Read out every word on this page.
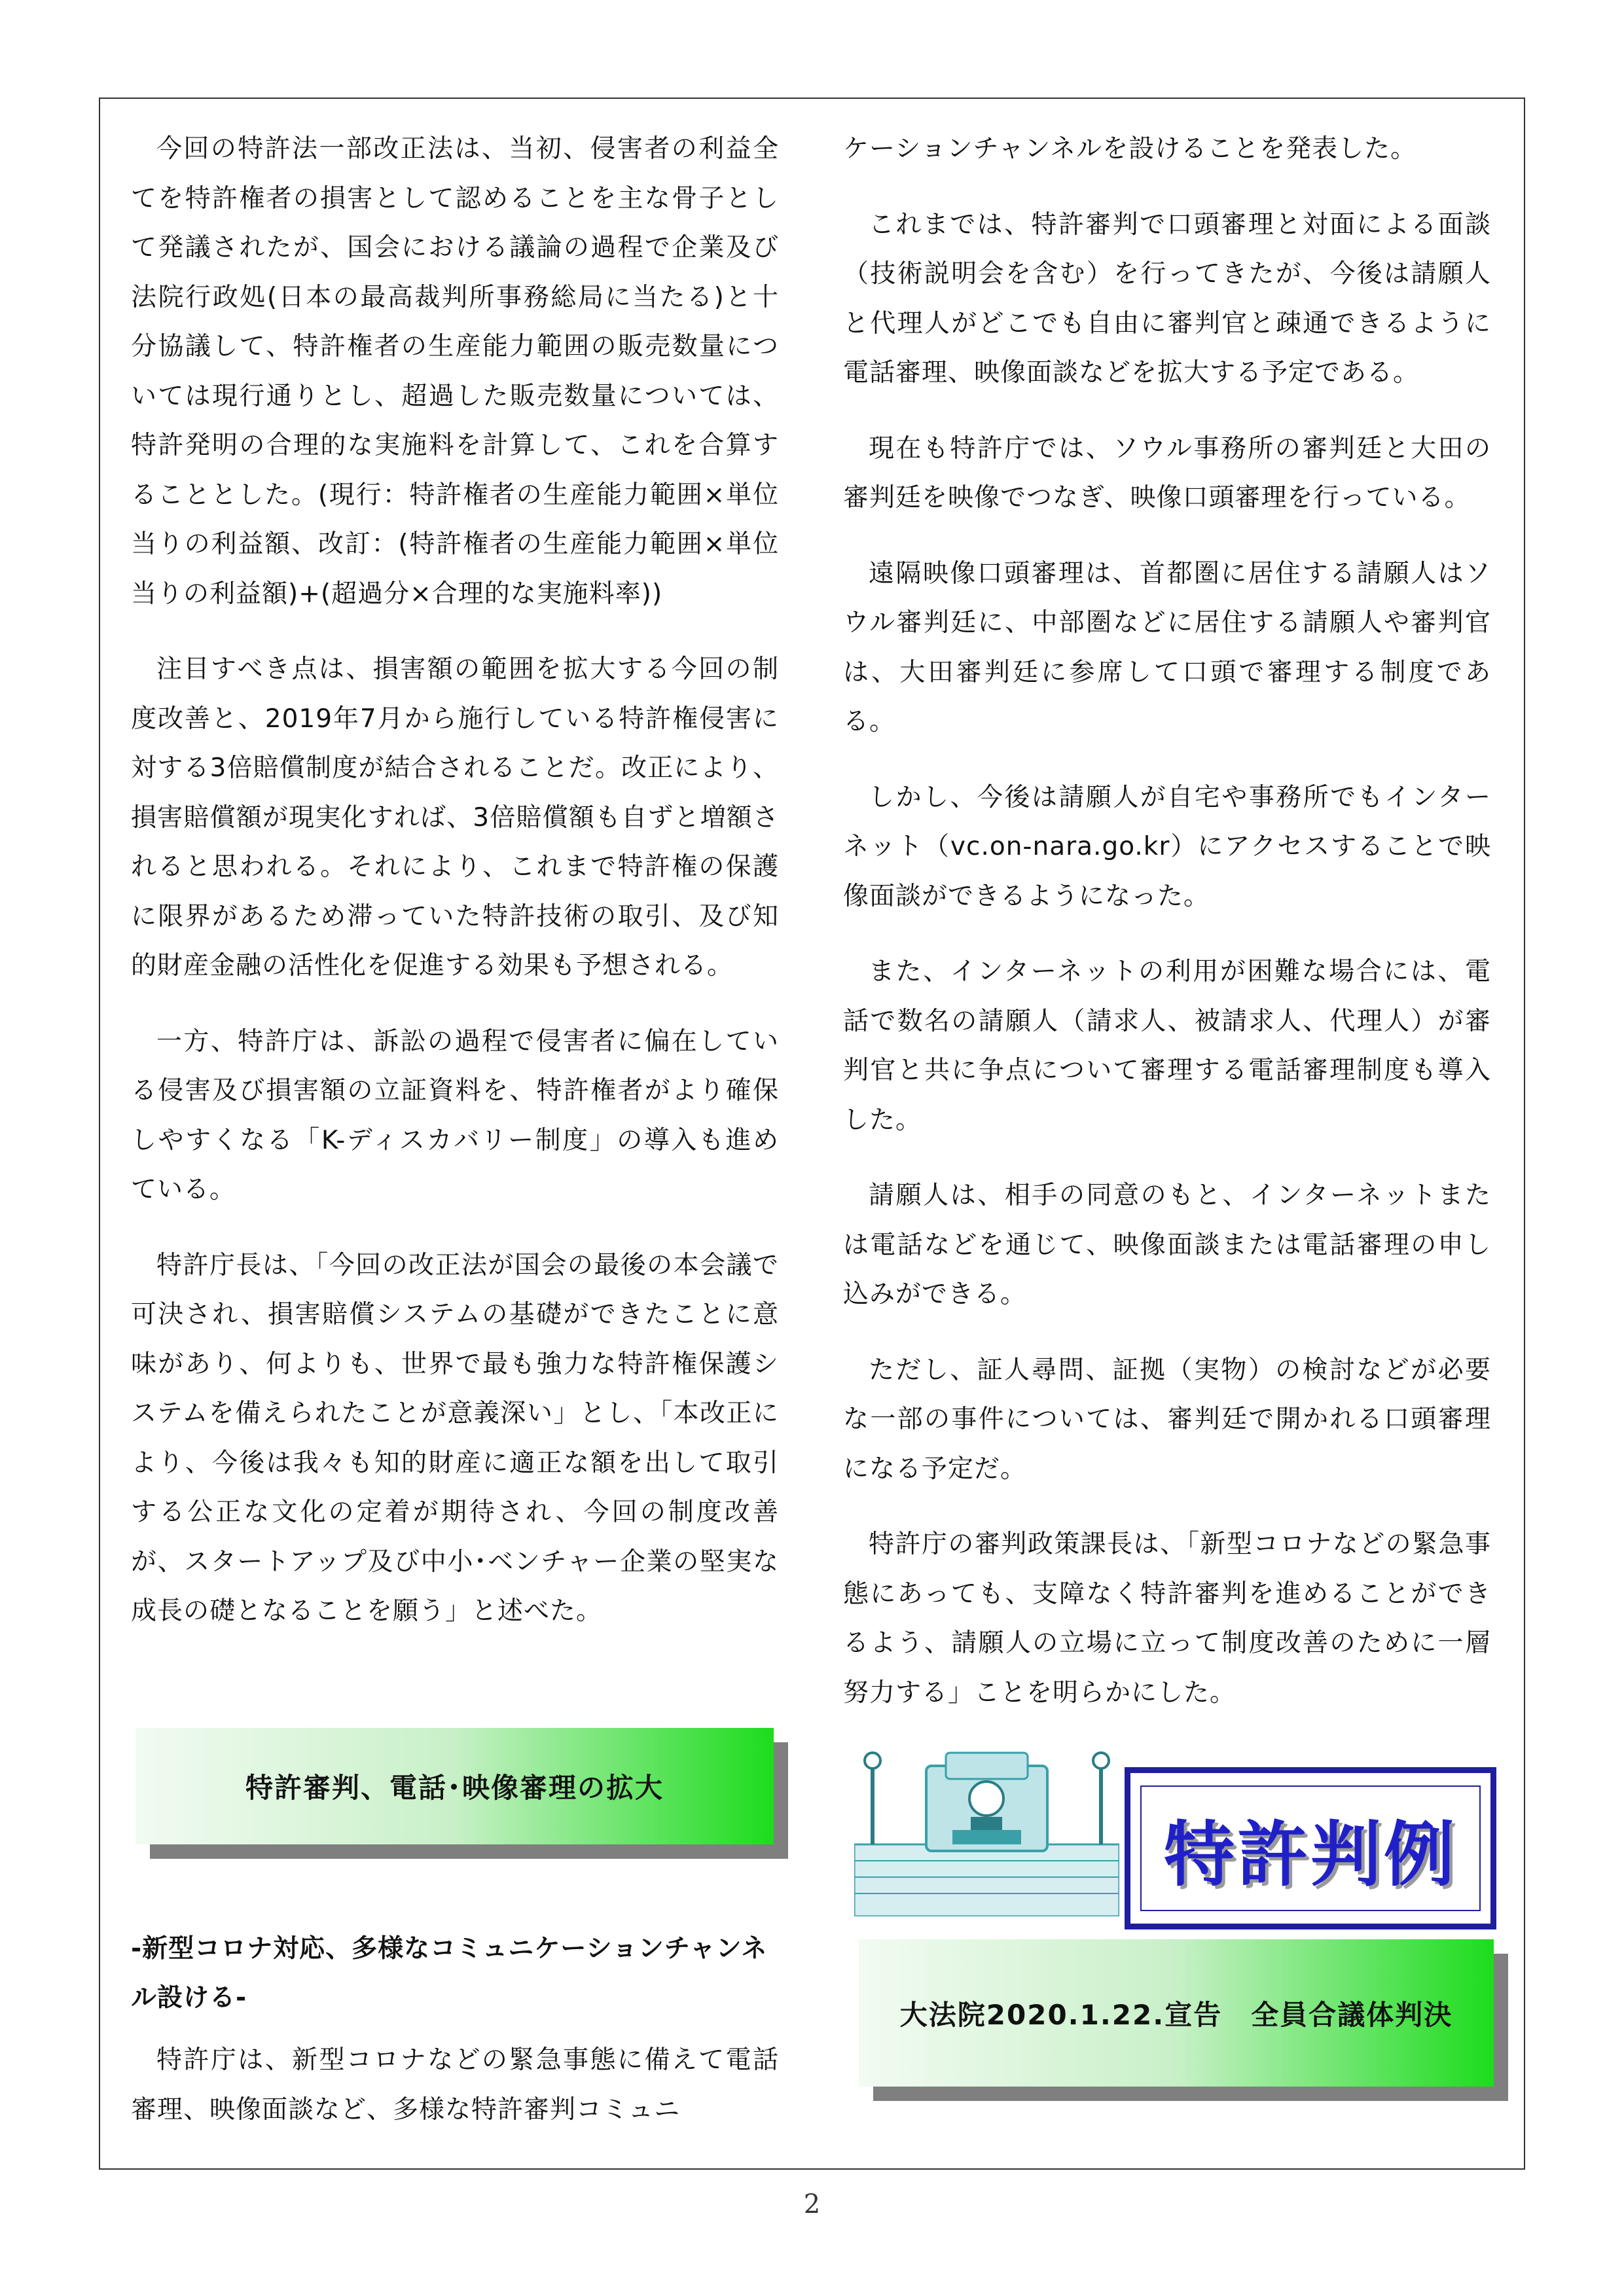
今回の特許法一部改正法は、当初、侵害者の利益全てを特許権者の損害として認めることを主な骨子として発議されたが、国会における議論の過程で企業及び法院行政処(日本の最高裁判所事務総局に当たる)と十分協議して、特許権者の生産能力範囲の販売数量については現行通りとし、超過した販売数量については、特許発明の合理的な実施料を計算して、これを合算することとした。(現行：特許権者の生産能力範囲×単位当りの利益額、改訂：(特許権者の生産能力範囲×単位当りの利益額)+(超過分×合理的な実施料率))

注目すべき点は、損害額の範囲を拡大する今回の制度改善と、2019年7月から施行している特許権侵害に対する3倍賠償制度が結合されることだ。改正により、損害賠償額が現実化すれば、3倍賠償額も自ずと増額されると思われる。それにより、これまで特許権の保護に限界があるため滞っていた特許技術の取引、及び知的財産金融の活性化を促進する効果も予想される。

一方、特許庁は、訴訟の過程で侵害者に偏在している侵害及び損害額の立証資料を、特許権者がより確保しやすくなる「K-ディスカバリー制度」の導入も進めている。

特許庁長は、「今回の改正法が国会の最後の本会議で可決され、損害賠償システムの基礎ができたことに意味があり、何よりも、世界で最も強力な特許権保護システムを備えられたことが意義深い」とし、「本改正により、今後は我々も知的財産に適正な額を出して取引する公正な文化の定着が期待され、今回の制度改善が、スタートアップ及び中小･ベンチャー企業の堅実な成長の礎となることを願う」と述べた。

特許審判、電話･映像審理の拡大
-新型コロナ対応、多様なコミュニケーションチャンネル設ける-

特許庁は、新型コロナなどの緊急事態に備えて電話審理、映像面談など、多様な特許審判コミュニ

ケーションチャンネルを設けることを発表した。

これまでは、特許審判で口頭審理と対面による面談（技術説明会を含む）を行ってきたが、今後は請願人と代理人がどこでも自由に審判官と疎通できるように電話審理、映像面談などを拡大する予定である。

現在も特許庁では、ソウル事務所の審判廷と大田の審判廷を映像でつなぎ、映像口頭審理を行っている。

遠隔映像口頭審理は、首都圏に居住する請願人はソウル審判廷に、中部圏などに居住する請願人や審判官は、大田審判廷に参席して口頭で審理する制度である。

しかし、今後は請願人が自宅や事務所でもインターネット（vc.on-nara.go.kr）にアクセスすることで映像面談ができるようになった。

また、インターネットの利用が困難な場合には、電話で数名の請願人（請求人、被請求人、代理人）が審判官と共に争点について審理する電話審理制度も導入した。

請願人は、相手の同意のもと、インターネットまたは電話などを通じて、映像面談または電話審理の申し込みができる。

ただし、証人尋問、証拠（実物）の検討などが必要な一部の事件については、審判廷で開かれる口頭審理になる予定だ。

特許庁の審判政策課長は、「新型コロナなどの緊急事態にあっても、支障なく特許審判を進めることができるよう、請願人の立場に立って制度改善のために一層努力する」ことを明らかにした。

特許判例
大法院2020.1.22.宣告　全員合議体判決
2
